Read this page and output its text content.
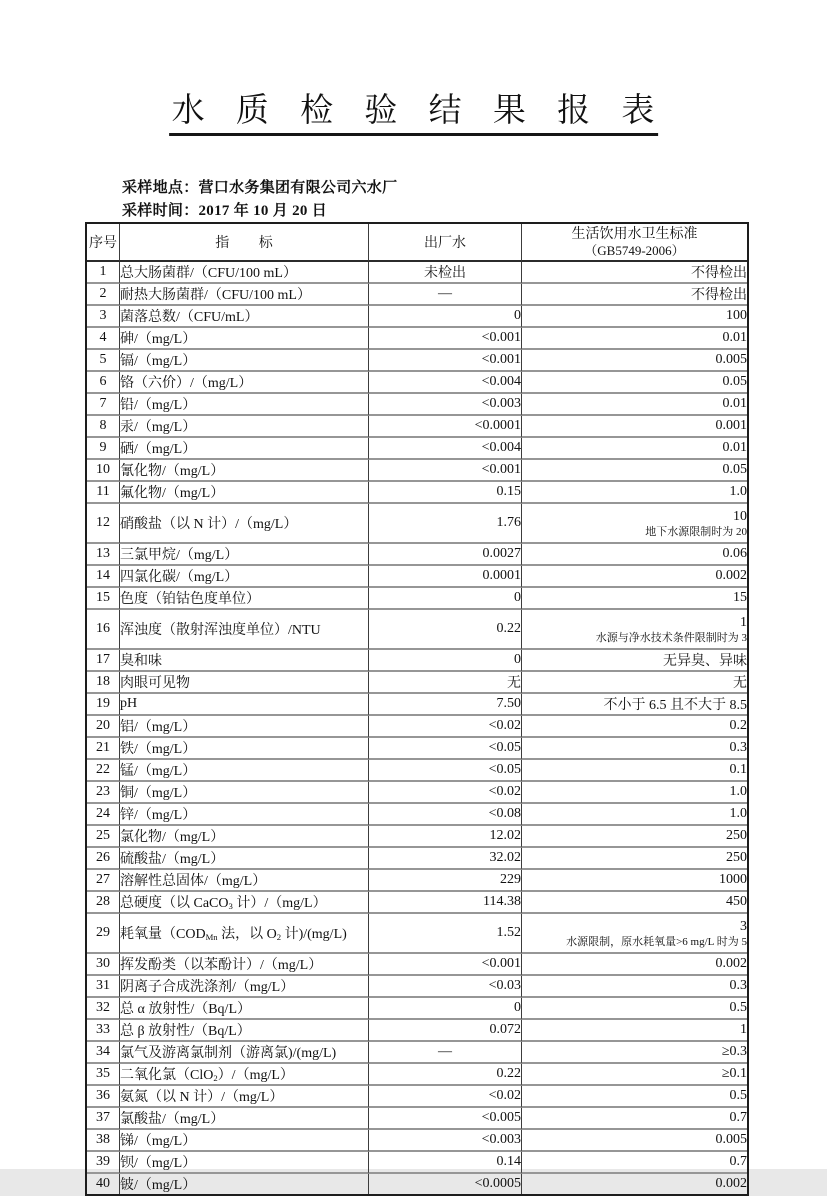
水 质 检 验 结 果 报 表
采样地点：营口水务集团有限公司六水厂
采样时间：2017 年 10 月 20 日
序号	指 标	出厂水	生活饮用水卫生标准
（GB5749-2006）

1	总大肠菌群/（CFU/100 mL）	未检出	不得检出
2	耐热大肠菌群/（CFU/100 mL）	—	不得检出
3	菌落总数/（CFU/mL）	0	100
4	砷/（mg/L）	<0.001	0.01
5	镉/（mg/L）	<0.001	0.005
6	铬（六价）/（mg/L）	<0.004	0.05
7	铅/（mg/L）	<0.003	0.01
8	汞/（mg/L）	<0.0001	0.001
9	硒/（mg/L）	<0.004	0.01
10	氰化物/（mg/L）	<0.001	0.05
11	氟化物/（mg/L）	0.15	1.0
12	硝酸盐（以 N 计）/（mg/L）	1.76	10
地下水源限制时为 20

13	三氯甲烷/（mg/L）	0.0027	0.06
14	四氯化碳/（mg/L）	0.0001	0.002
15	色度（铂钴色度单位）	0	15
16	浑浊度（散射浑浊度单位）/NTU	0.22	1
水源与净水技术条件限制时为 3

17	臭和味	0	无异臭、异味
18	肉眼可见物	无	无
19	pH	7.50	不小于 6.5 且不大于 8.5
20	铝/（mg/L）	<0.02	0.2
21	铁/（mg/L）	<0.05	0.3
22	锰/（mg/L）	<0.05	0.1
23	铜/（mg/L）	<0.02	1.0
24	锌/（mg/L）	<0.08	1.0
25	氯化物/（mg/L）	12.02	250
26	硫酸盐/（mg/L）	32.02	250
27	溶解性总固体/（mg/L）	229	1000
28	总硬度（以 CaCO$_3$ 计）/（mg/L）	114.38	450
29	耗氧量（$COD_{Mn}$ 法，以 $O_2$ 计)/(mg/L)	1.52	3
水源限制，原水耗氧量>6 mg/L 时为 5

30	挥发酚类（以苯酚计）/（mg/L）	<0.001	0.002
31	阴离子合成洗涤剂/（mg/L）	<0.03	0.3
32	总 α 放射性/（Bq/L）	0	0.5
33	总 β 放射性/（Bq/L）	0.072	1
34	氯气及游离氯制剂（游离氯)/(mg/L)	—	≥0.3
35	二氧化氯（ClO$_2$）/（mg/L）	0.22	≥0.1
36	氨氮（以 N 计）/（mg/L）	<0.02	0.5
37	氯酸盐/（mg/L）	<0.005	0.7
38	锑/（mg/L）	<0.003	0.005
39	钡/（mg/L）	0.14	0.7
40	铍/（mg/L）	<0.0005	0.002
